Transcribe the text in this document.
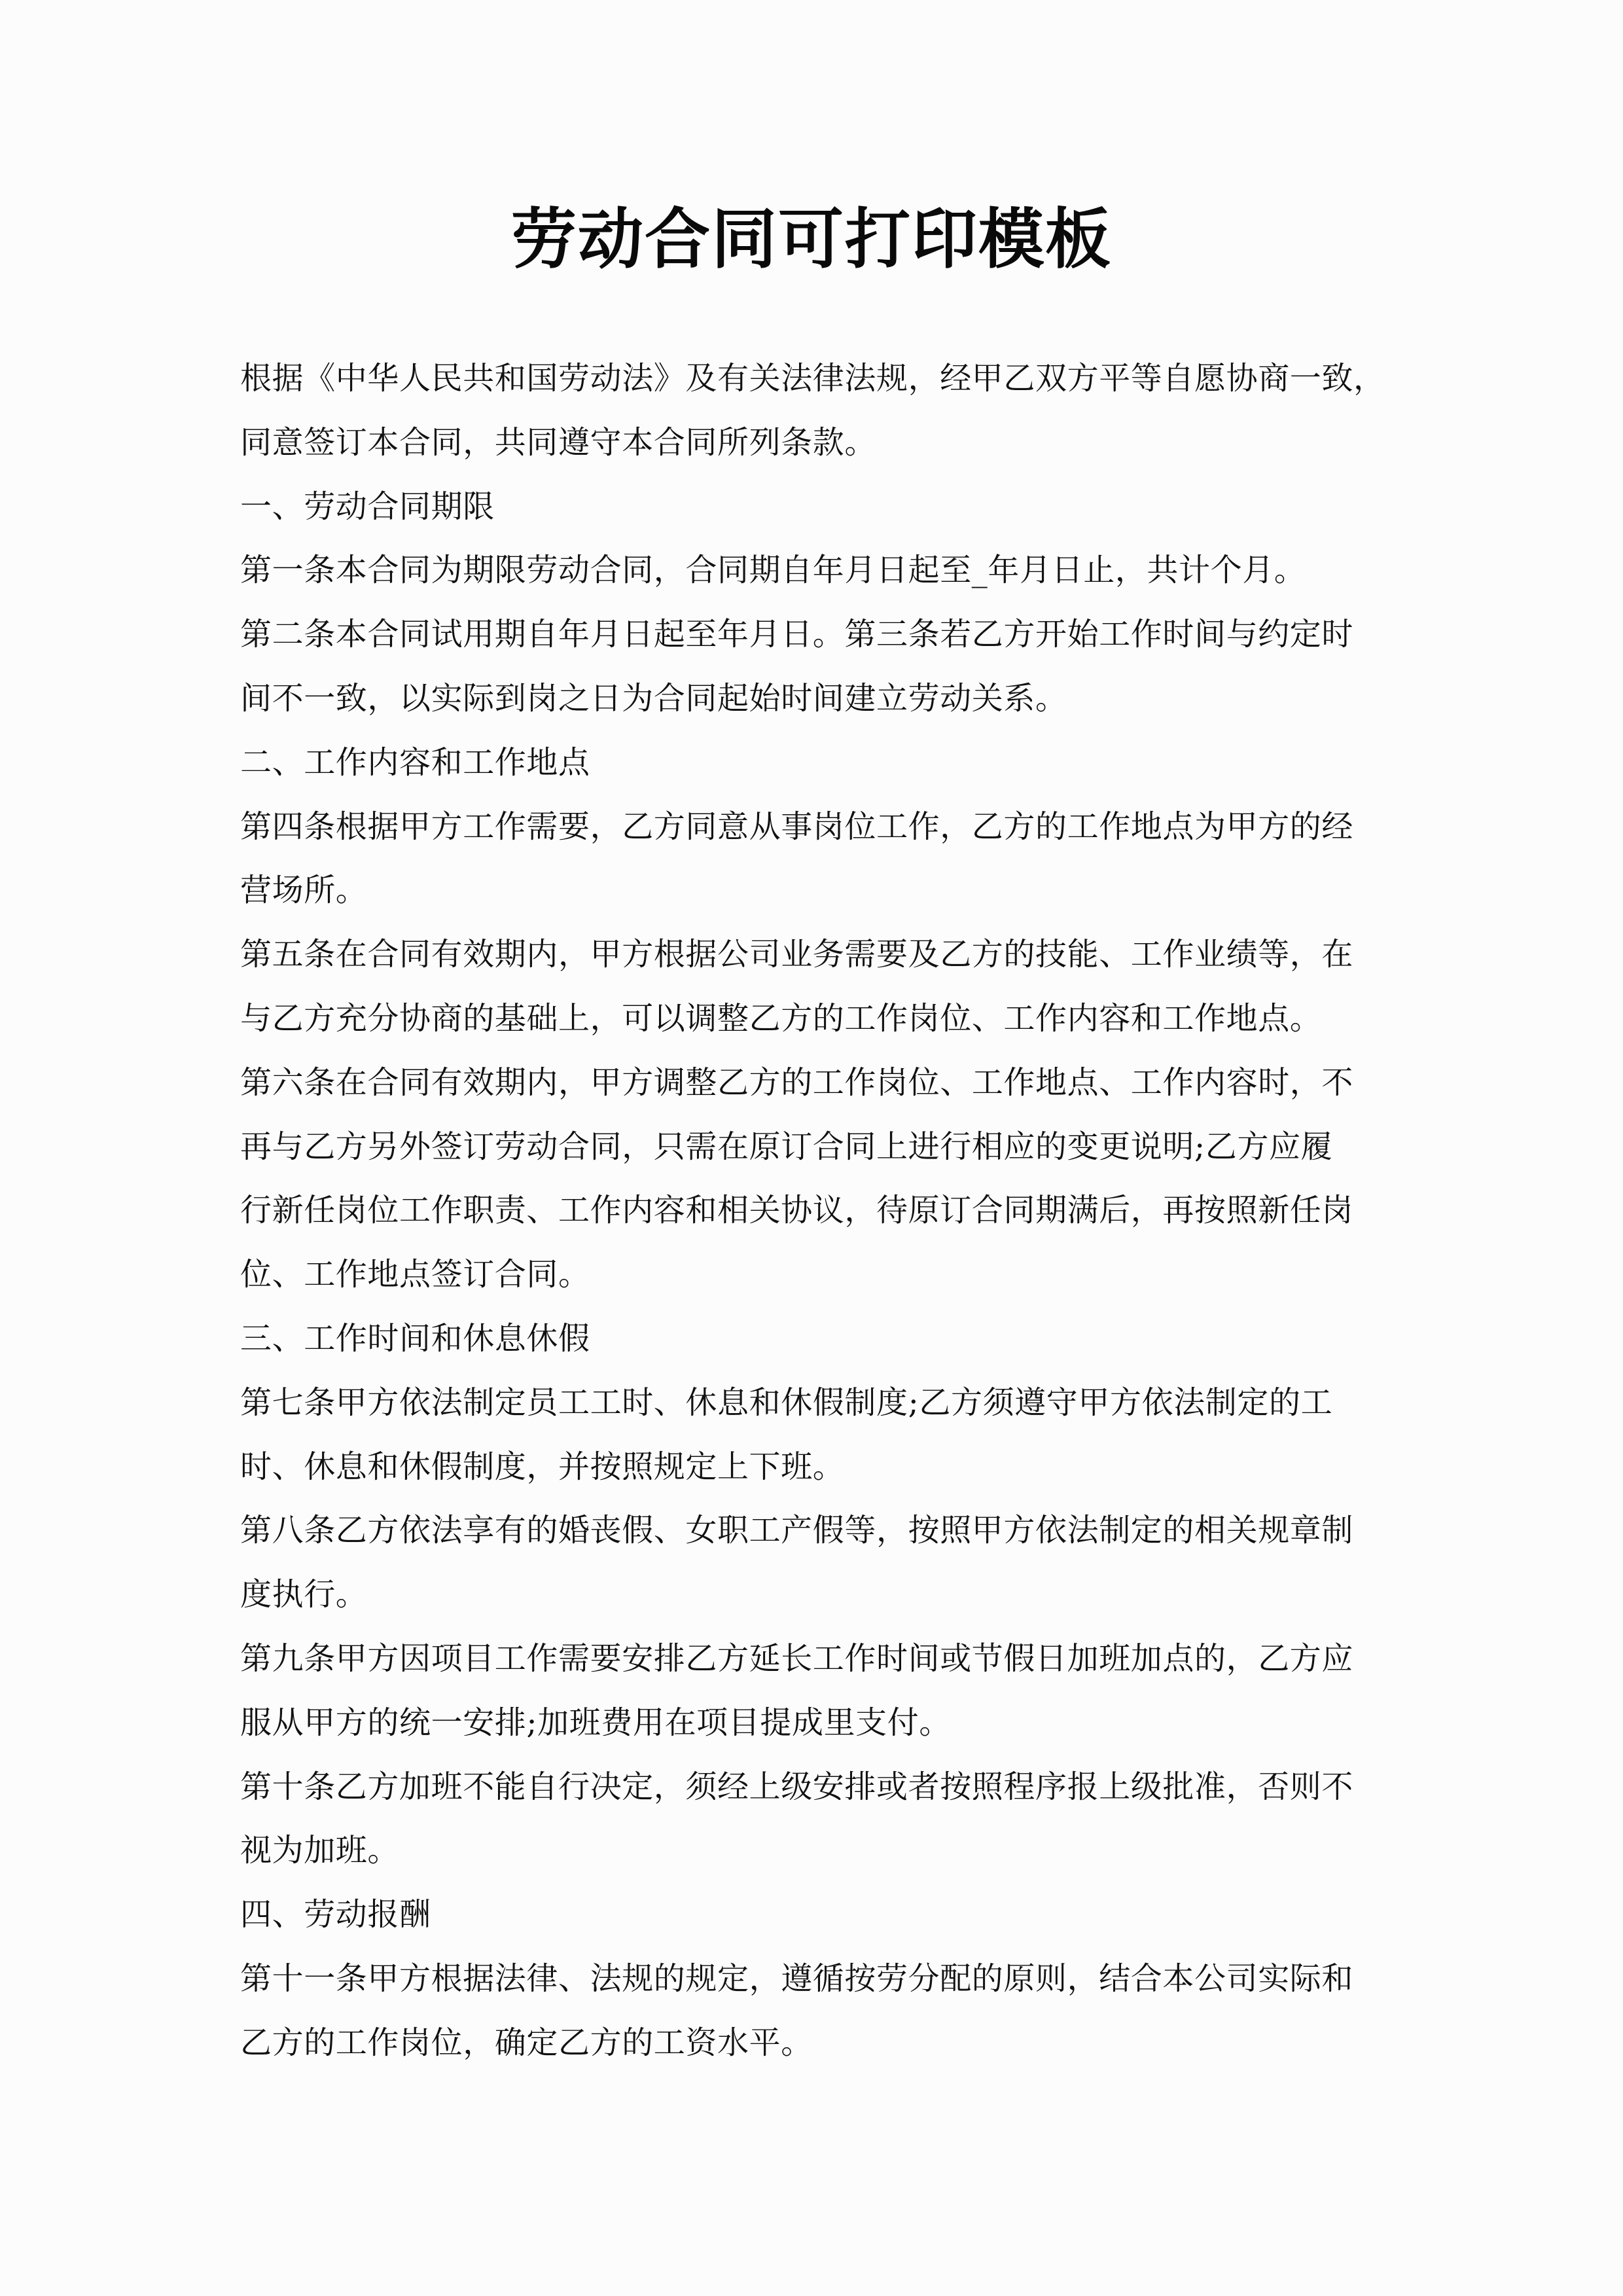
劳动合同可打印模板
根据《中华人民共和国劳动法》及有关法律法规，经甲乙双方平等自愿协商一致，
同意签订本合同，共同遵守本合同所列条款。
一、劳动合同期限
第一条本合同为期限劳动合同，合同期自年月日起至_年月日止，共计个月。
第二条本合同试用期自年月日起至年月日。第三条若乙方开始工作时间与约定时
间不一致，以实际到岗之日为合同起始时间建立劳动关系。
二、工作内容和工作地点
第四条根据甲方工作需要，乙方同意从事岗位工作，乙方的工作地点为甲方的经
营场所。
第五条在合同有效期内，甲方根据公司业务需要及乙方的技能、工作业绩等，在
与乙方充分协商的基础上，可以调整乙方的工作岗位、工作内容和工作地点。
第六条在合同有效期内，甲方调整乙方的工作岗位、工作地点、工作内容时，不
再与乙方另外签订劳动合同，只需在原订合同上进行相应的变更说明;乙方应履
行新任岗位工作职责、工作内容和相关协议，待原订合同期满后，再按照新任岗
位、工作地点签订合同。
三、工作时间和休息休假
第七条甲方依法制定员工工时、休息和休假制度;乙方须遵守甲方依法制定的工
时、休息和休假制度，并按照规定上下班。
第八条乙方依法享有的婚丧假、女职工产假等，按照甲方依法制定的相关规章制
度执行。
第九条甲方因项目工作需要安排乙方延长工作时间或节假日加班加点的，乙方应
服从甲方的统一安排;加班费用在项目提成里支付。
第十条乙方加班不能自行决定，须经上级安排或者按照程序报上级批准，否则不
视为加班。
四、劳动报酬
第十一条甲方根据法律、法规的规定，遵循按劳分配的原则，结合本公司实际和
乙方的工作岗位，确定乙方的工资水平。
